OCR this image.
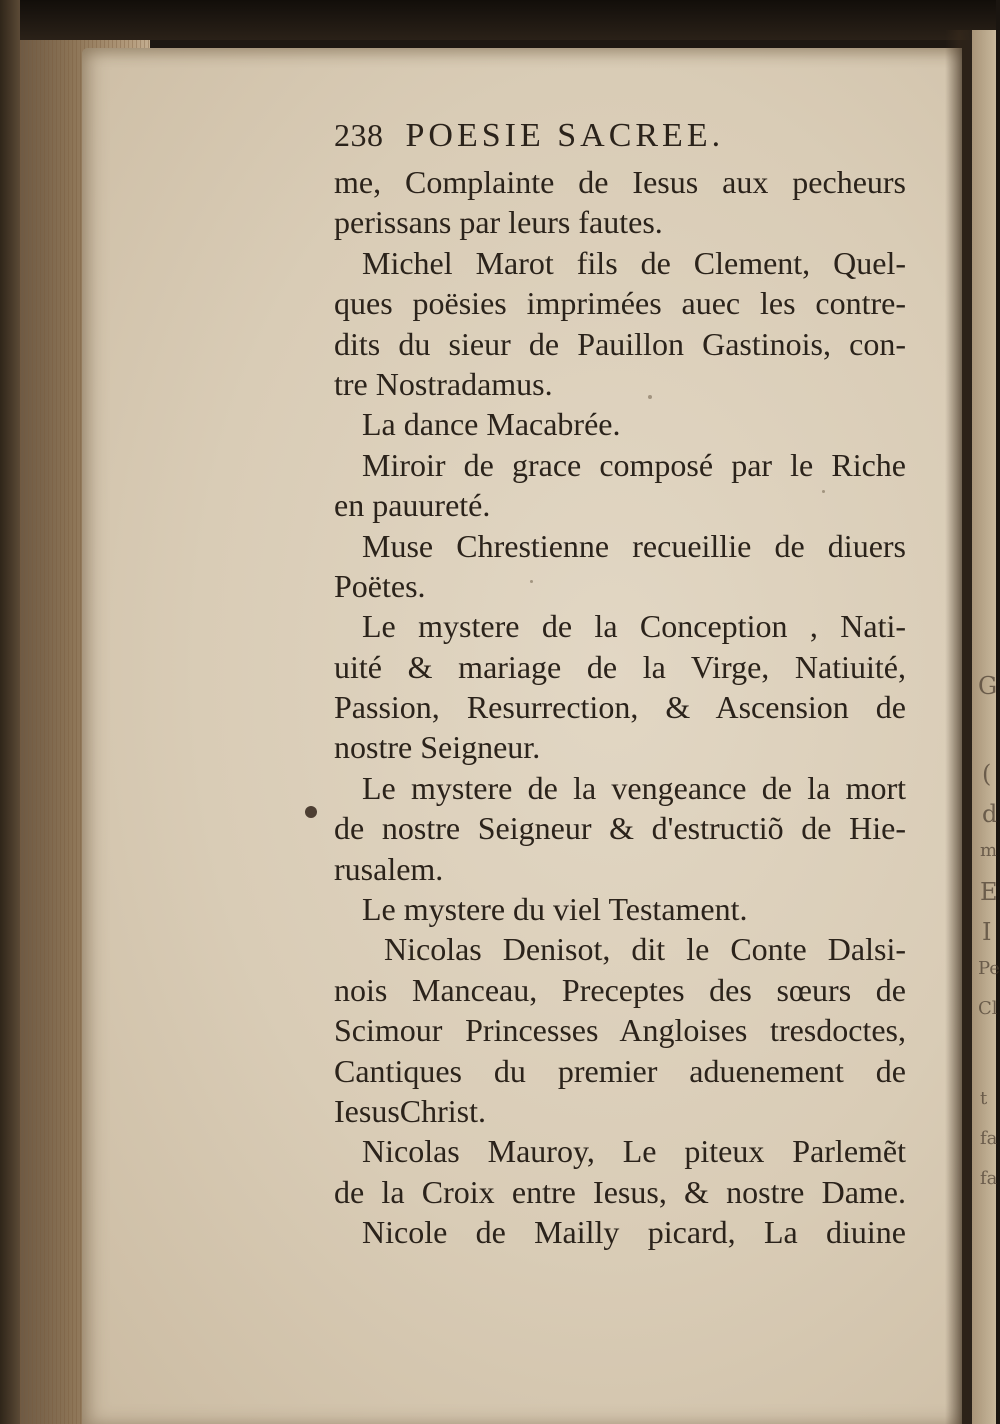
G
(
d
m
E
I
Pe
Cl
t
fa
fa
238 POESIE SACREE.
me, Complainte de Iesus aux pecheurs
perissans par leurs fautes.
Michel Marot fils de Clement, Quel-
ques poësies imprimées auec les contre-
dits du sieur de Pauillon Gastinois, con-
tre Nostradamus.
La dance Macabrée.
Miroir de grace composé par le Riche
en pauureté.
Muse Chrestienne recueillie de diuers
Poëtes.
Le mystere de la Conception , Nati-
uité & mariage de la Virge, Natiuité,
Passion, Resurrection, & Ascension de
nostre Seigneur.
Le mystere de la vengeance de la mort
de nostre Seigneur & d'estructiõ de Hie-
rusalem.
Le mystere du viel Testament.
Nicolas Denisot, dit le Conte Dalsi-
nois Manceau, Preceptes des sœurs de
Scimour Princesses Angloises tresdoctes,
Cantiques du premier aduenement de
IesusChrist.
Nicolas Mauroy, Le piteux Parlemẽt
de la Croix entre Iesus, & nostre Dame.
Nicole de Mailly picard, La diuine
